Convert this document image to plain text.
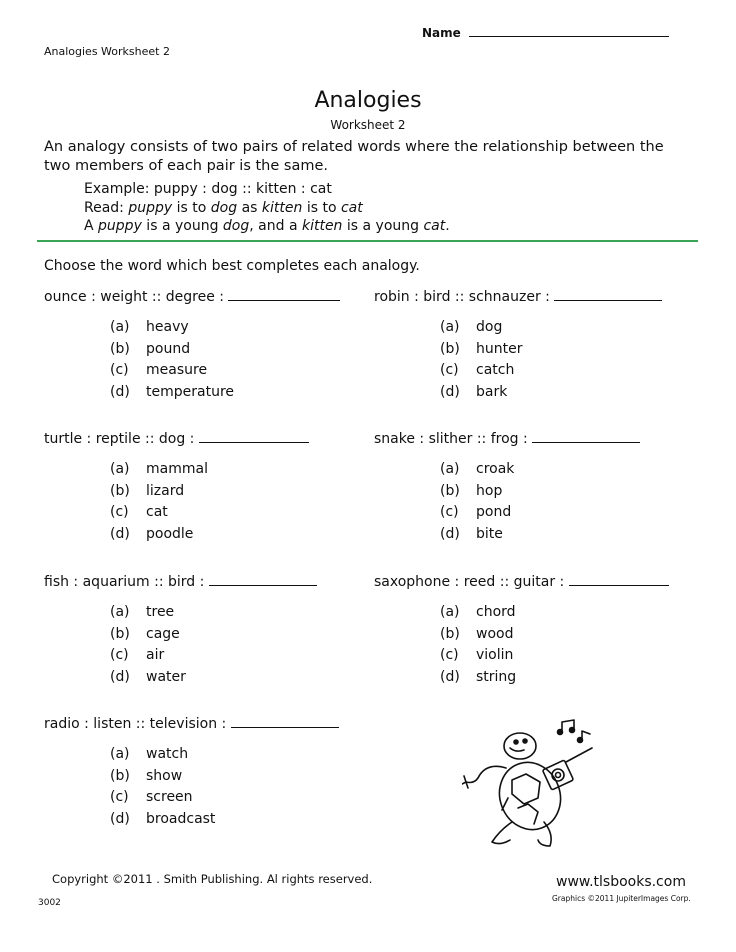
Name
Analogies Worksheet 2
Analogies
Worksheet 2
An analogy consists of two pairs of related words where the relationship between the two members of each pair is the same.
Example: puppy : dog :: kitten : cat
Read: puppy is to dog as kitten is to cat
A puppy is a young dog, and a kitten is a young cat.
Choose the word which best completes each analogy.
ounce : weight :: degree :
(a) heavy
(b) pound
(c) measure
(d) temperature
robin : bird :: schnauzer :
(a) dog
(b) hunter
(c) catch
(d) bark
turtle : reptile :: dog :
(a) mammal
(b) lizard
(c) cat
(d) poodle
snake : slither :: frog :
(a) croak
(b) hop
(c) pond
(d) bite
fish : aquarium :: bird :
(a) tree
(b) cage
(c) air
(d) water
saxophone : reed :: guitar :
(a) chord
(b) wood
(c) violin
(d) string
radio : listen :: television :
(a) watch
(b) show
(c) screen
(d) broadcast
Copyright ©2011 . Smith Publishing. Al rights reserved.
3002
www.tlsbooks.com
Graphics ©2011 JupiterImages Corp.
